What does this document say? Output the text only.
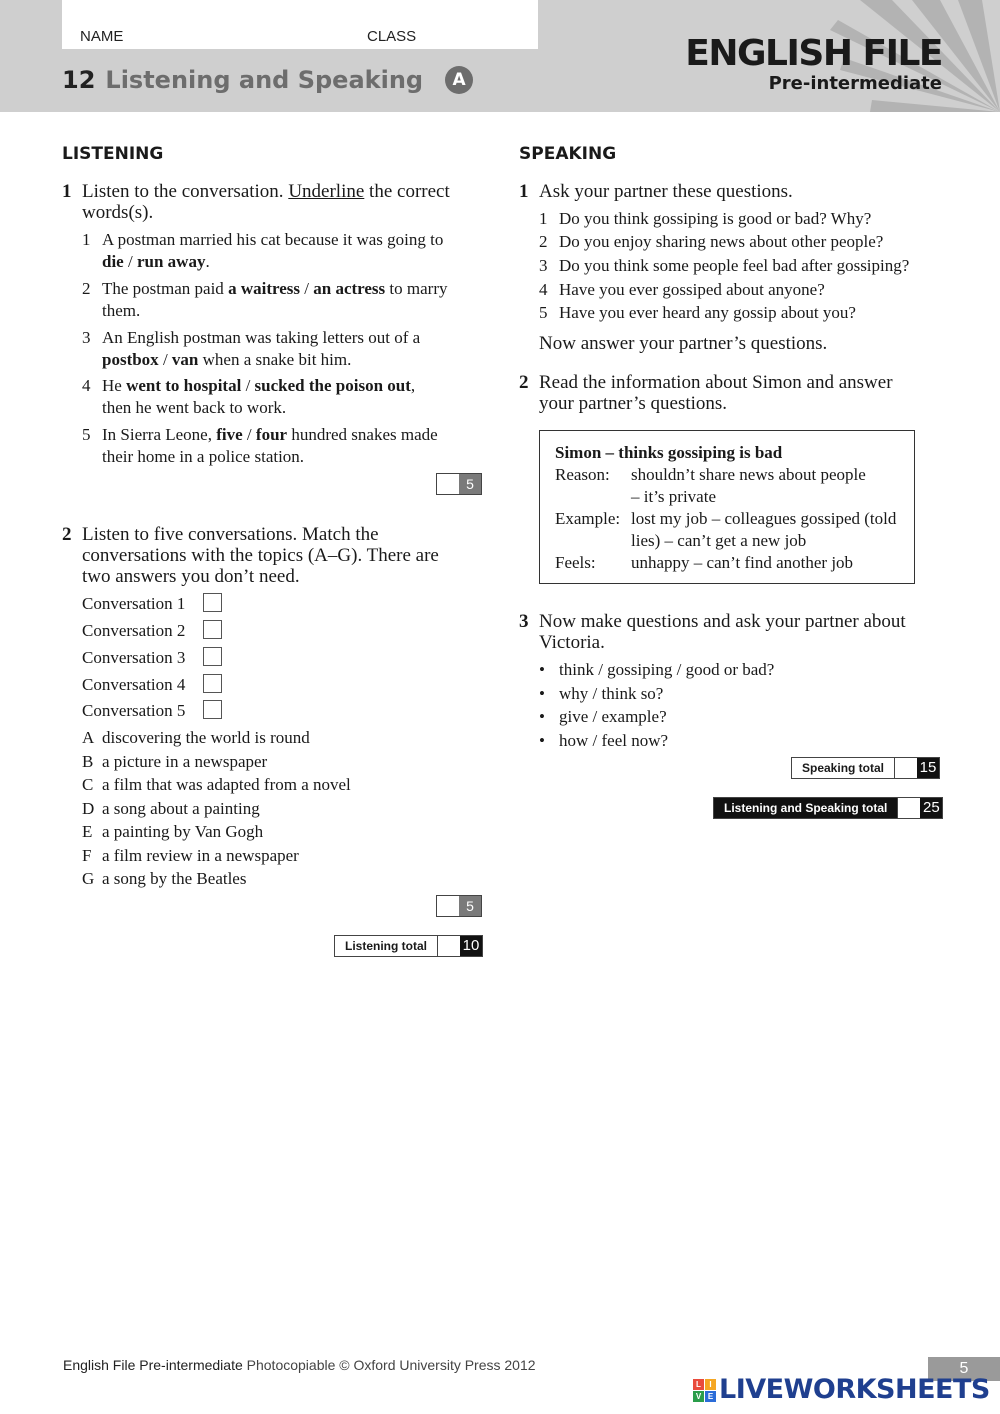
NAME	CLASS
12 Listening and Speaking A
ENGLISH FILE
Pre-intermediate
LISTENING
1 Listen to the conversation. Underline the correct
words(s).
1 A postman married his cat because it was going to
die / run away.
2 The postman paid a waitress / an actress to marry
them.
3 An English postman was taking letters out of a
postbox / van when a snake bit him.
4 He went to hospital / sucked the poison out,
then he went back to work.
5 In Sierra Leone, five / four hundred snakes made
their home in a police station.
5
2 Listen to five conversations. Match the
conversations with the topics (A–G). There are
two answers you don’t need.
Conversation 1
Conversation 2
Conversation 3
Conversation 4
Conversation 5
A discovering the world is round
B a picture in a newspaper
C a film that was adapted from a novel
D a song about a painting
E a painting by Van Gogh
F a film review in a newspaper
G a song by the Beatles
5
Listening total	10
SPEAKING
1 Ask your partner these questions.
1 Do you think gossiping is good or bad? Why?
2 Do you enjoy sharing news about other people?
3 Do you think some people feel bad after gossiping?
4 Have you ever gossiped about anyone?
5 Have you ever heard any gossip about you?
Now answer your partner’s questions.
2 Read the information about Simon and answer
your partner’s questions.
Simon – thinks gossiping is bad
Reason: shouldn’t share news about people
– it’s private
Example: lost my job – colleagues gossiped (told
lies) – can’t get a new job
Feels: unhappy – can’t find another job
3 Now make questions and ask your partner about
Victoria.
• think / gossiping / good or bad?
• why / think so?
• give / example?
• how / feel now?
Speaking total	15
Listening and Speaking total	25
English File Pre-intermediate Photocopiable © Oxford University Press 2012	5
L	I
V E LIVEWORKSHEETS
